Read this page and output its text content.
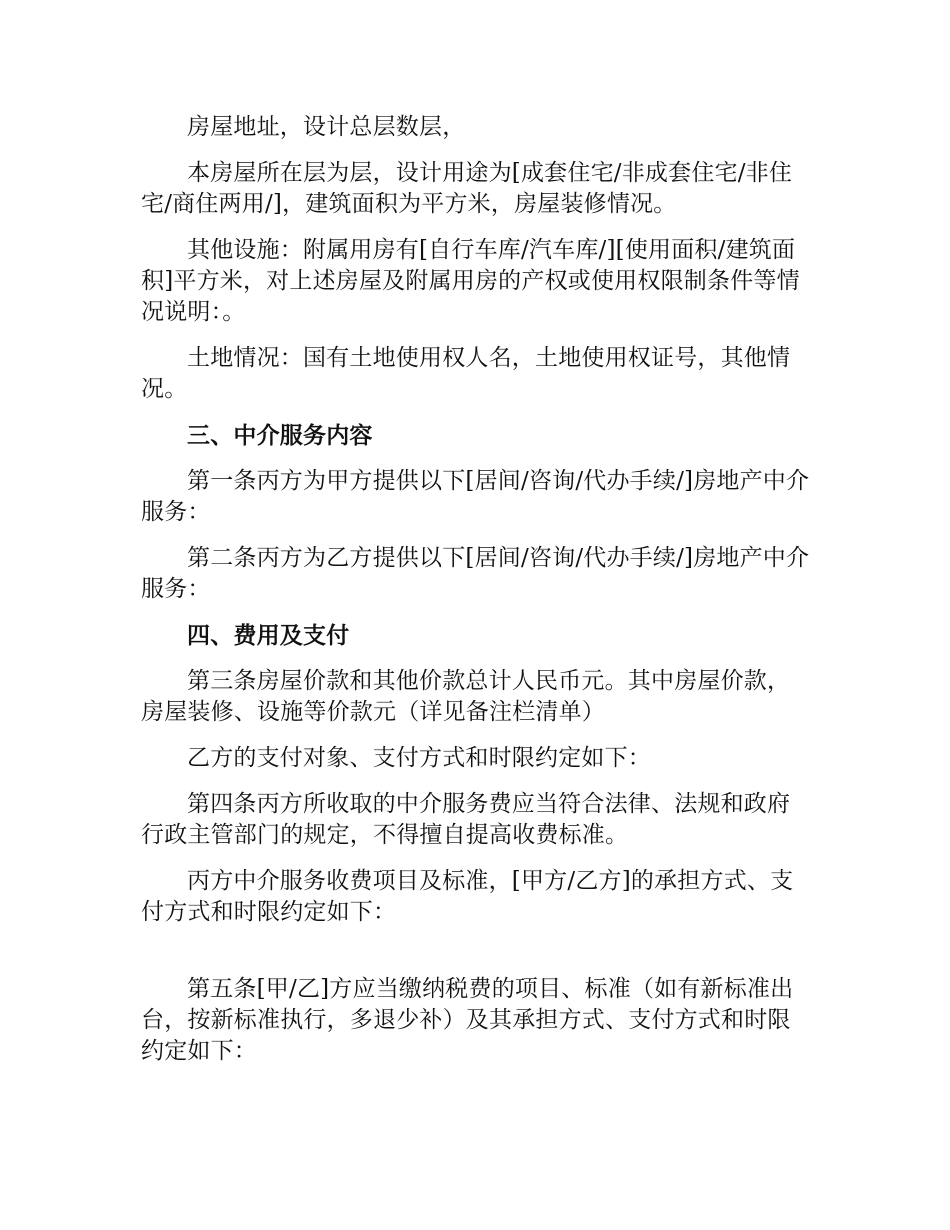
房屋地址，设计总层数层，

本房屋所在层为层，设计用途为[成套住宅/非成套住宅/非住宅/商住两用/]，建筑面积为平方米，房屋装修情况。

其他设施：附属用房有[自行车库/汽车库/][使用面积/建筑面积]平方米，对上述房屋及附属用房的产权或使用权限制条件等情况说明：。

土地情况：国有土地使用权人名，土地使用权证号，其他情况。

三、中介服务内容

第一条丙方为甲方提供以下[居间/咨询/代办手续/]房地产中介服务：

第二条丙方为乙方提供以下[居间/咨询/代办手续/]房地产中介服务：

四、费用及支付

第三条房屋价款和其他价款总计人民币元。其中房屋价款，房屋装修、设施等价款元（详见备注栏清单）

乙方的支付对象、支付方式和时限约定如下：

第四条丙方所收取的中介服务费应当符合法律、法规和政府行政主管部门的规定，不得擅自提高收费标准。

丙方中介服务收费项目及标准，[甲方/乙方]的承担方式、支付方式和时限约定如下：

第五条[甲/乙]方应当缴纳税费的项目、标准（如有新标准出台，按新标准执行，多退少补）及其承担方式、支付方式和时限约定如下：
